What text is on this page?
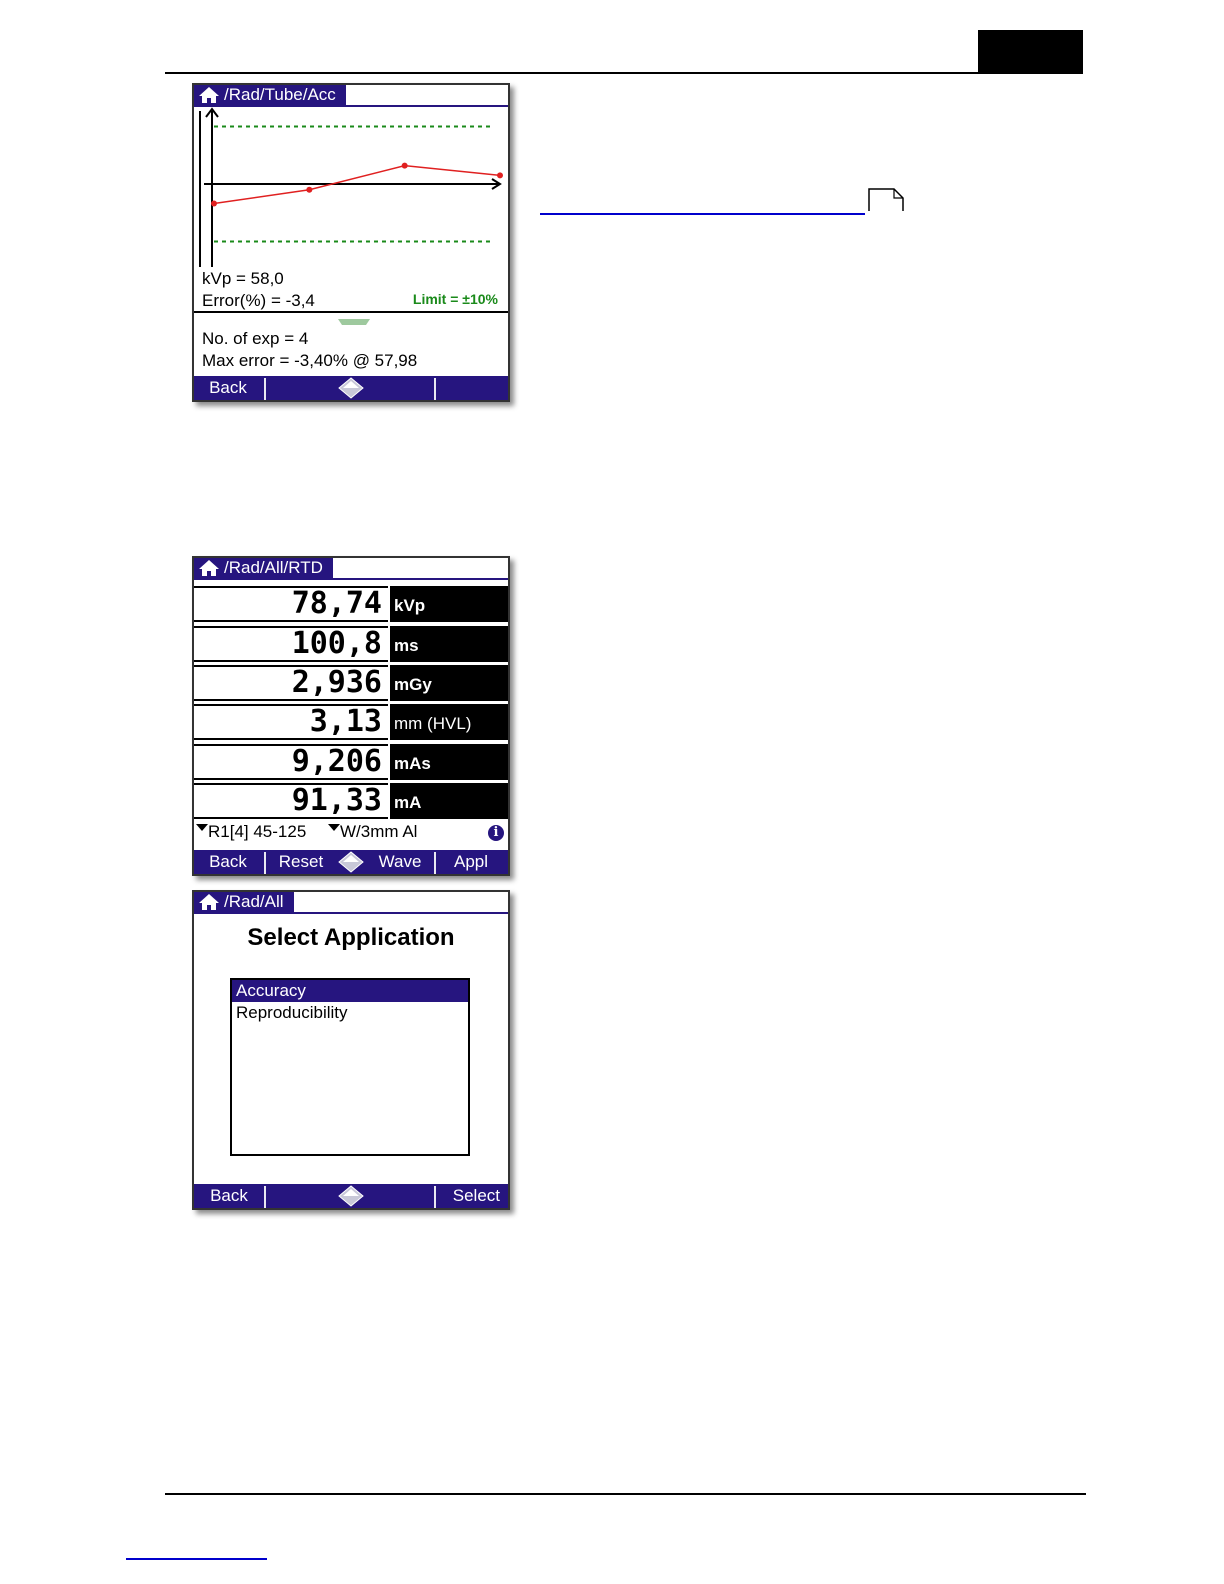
/Rad/Tube/Acc
kVp = 58,0
Error(%) = -3,4	Limit = ±10%
No. of exp = 4
Max error = -3,40% @ 57,98
Back
/Rad/All/RTD
78,74 kVp
100,8 ms
2,936 mGy
3,13 mm (HVL)
9,206 mAs
91,33 mA
R1[4] 45-125	W/3mm Al	i
Back	Reset	Wave	Appl
/Rad/All
Select Application
Accuracy
Reproducibility
Back	Select
